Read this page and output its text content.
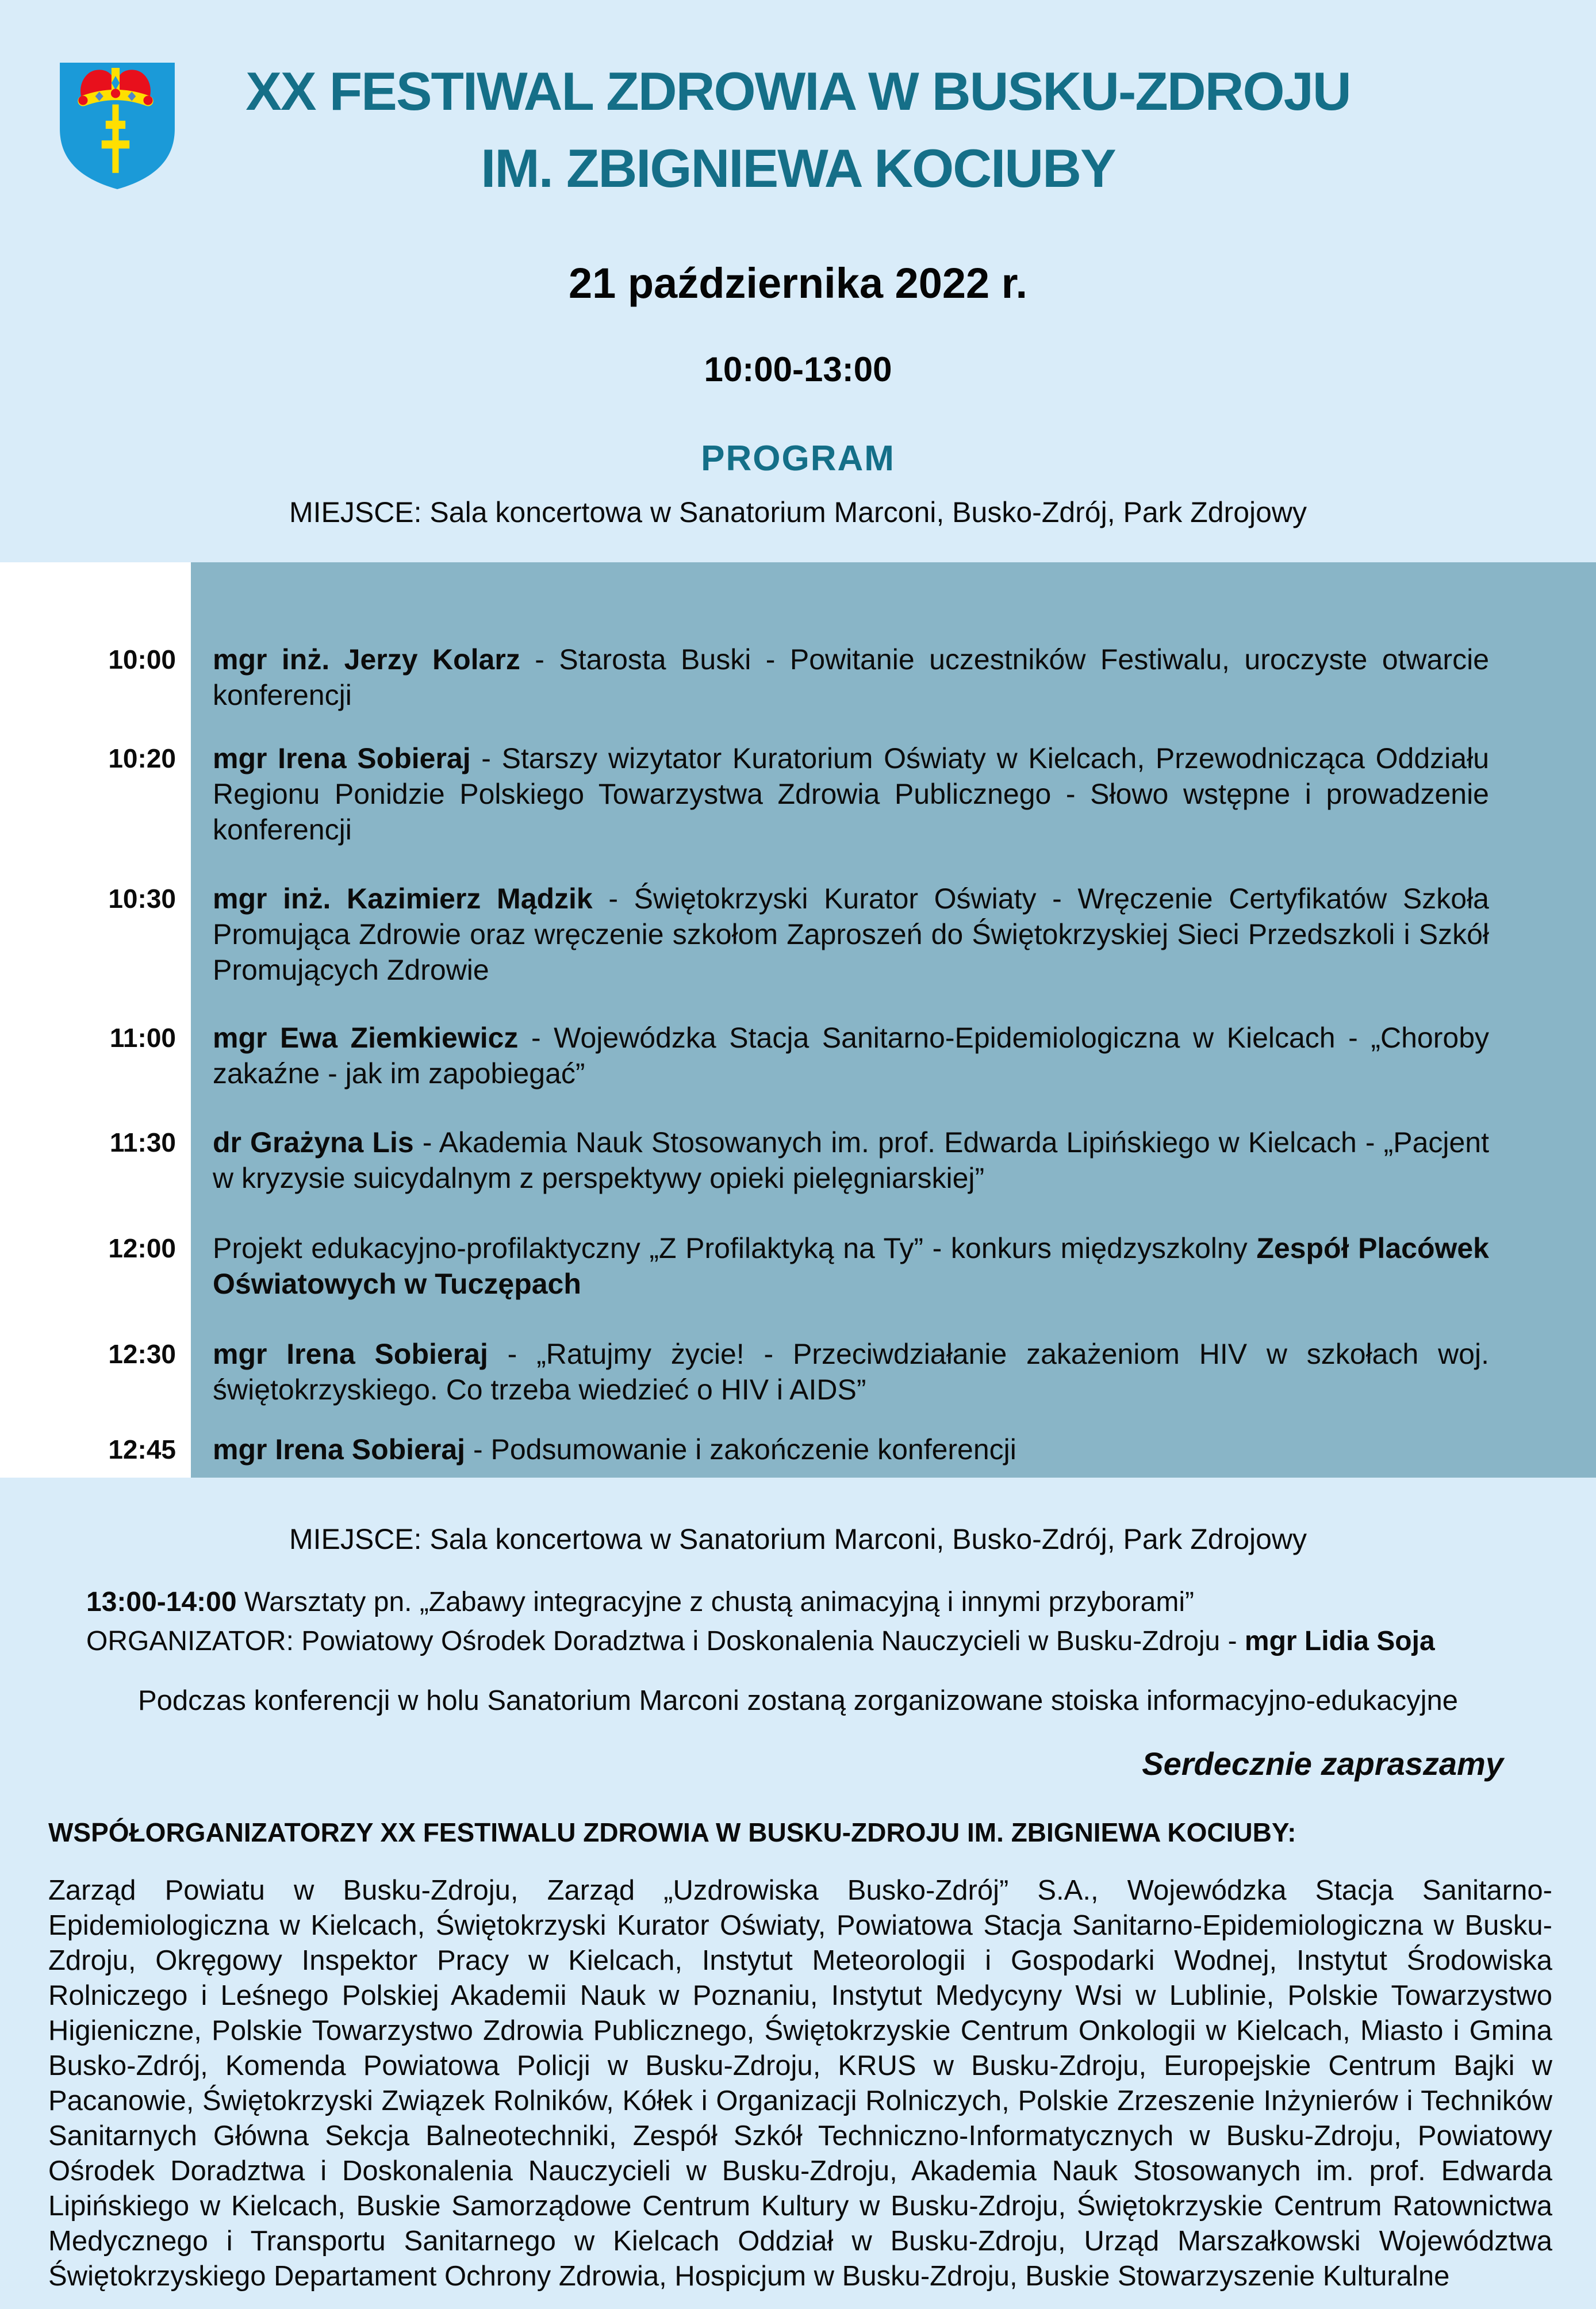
XX FESTIWAL ZDROWIA W BUSKU-ZDROJU
IM. ZBIGNIEWA KOCIUBY
21 października 2022 r.
10:00-13:00
PROGRAM
MIEJSCE: Sala koncertowa w Sanatorium Marconi, Busko-Zdrój, Park Zdrojowy
10:00	mgr inż. Jerzy Kolarz - Starosta Buski - Powitanie uczestników Festiwalu, uroczyste otwarcie konferencji
10:20	mgr Irena Sobieraj - Starszy wizytator Kuratorium Oświaty w Kielcach, Przewodnicząca Oddziału Regionu Ponidzie Polskiego Towarzystwa Zdrowia Publicznego - Słowo wstępne i prowadzenie konferencji
10:30	mgr inż. Kazimierz Mądzik - Świętokrzyski Kurator Oświaty - Wręczenie Certyfikatów Szkoła Promująca Zdrowie oraz wręczenie szkołom Zaproszeń do Świętokrzyskiej Sieci Przedszkoli i Szkół Promujących Zdrowie
11:00	mgr Ewa Ziemkiewicz - Wojewódzka Stacja Sanitarno-Epidemiologiczna w Kielcach - „Choroby zakaźne - jak im zapobiegać”
11:30	dr Grażyna Lis - Akademia Nauk Stosowanych im. prof. Edwarda Lipińskiego w Kielcach - „Pacjent w kryzysie suicydalnym z perspektywy opieki pielęgniarskiej”
12:00	Projekt edukacyjno-profilaktyczny „Z Profilaktyką na Ty” - konkurs międzyszkolny Zespół Placówek Oświatowych w Tuczępach
12:30	mgr Irena Sobieraj - „Ratujmy życie! - Przeciwdziałanie zakażeniom HIV w szkołach woj. świętokrzyskiego. Co trzeba wiedzieć o HIV i AIDS”
12:45	mgr Irena Sobieraj - Podsumowanie i zakończenie konferencji
MIEJSCE: Sala koncertowa w Sanatorium Marconi, Busko-Zdrój, Park Zdrojowy
13:00-14:00 Warsztaty pn. „Zabawy integracyjne z chustą animacyjną i innymi przyborami”
ORGANIZATOR: Powiatowy Ośrodek Doradztwa i Doskonalenia Nauczycieli w Busku-Zdroju - mgr Lidia Soja
Podczas konferencji w holu Sanatorium Marconi zostaną zorganizowane stoiska informacyjno-edukacyjne
Serdecznie zapraszamy
WSPÓŁORGANIZATORZY XX FESTIWALU ZDROWIA W BUSKU-ZDROJU IM. ZBIGNIEWA KOCIUBY:
Zarząd Powiatu w Busku-Zdroju, Zarząd „Uzdrowiska Busko-Zdrój” S.A., Wojewódzka Stacja Sanitarno-Epidemiologiczna w Kielcach, Świętokrzyski Kurator Oświaty, Powiatowa Stacja Sanitarno-Epidemiologiczna w Busku-Zdroju, Okręgowy Inspektor Pracy w Kielcach, Instytut Meteorologii i Gospodarki Wodnej, Instytut Środowiska Rolniczego i Leśnego Polskiej Akademii Nauk w Poznaniu, Instytut Medycyny Wsi w Lublinie, Polskie Towarzystwo Higieniczne, Polskie Towarzystwo Zdrowia Publicznego, Świętokrzyskie Centrum Onkologii w Kielcach, Miasto i Gmina Busko-Zdrój, Komenda Powiatowa Policji w Busku-Zdroju, KRUS w Busku-Zdroju, Europejskie Centrum Bajki w Pacanowie, Świętokrzyski Związek Rolników, Kółek i Organizacji Rolniczych, Polskie Zrzeszenie Inżynierów i Techników Sanitarnych Główna Sekcja Balneotechniki, Zespół Szkół Techniczno-Informatycznych w Busku-Zdroju, Powiatowy Ośrodek Doradztwa i Doskonalenia Nauczycieli w Busku-Zdroju, Akademia Nauk Stosowanych im. prof. Edwarda Lipińskiego w Kielcach, Buskie Samorządowe Centrum Kultury w Busku-Zdroju, Świętokrzyskie Centrum Ratownictwa Medycznego i Transportu Sanitarnego w Kielcach Oddział w Busku-Zdroju, Urząd Marszałkowski Województwa Świętokrzyskiego Departament Ochrony Zdrowia, Hospicjum w Busku-Zdroju, Buskie Stowarzyszenie Kulturalne
